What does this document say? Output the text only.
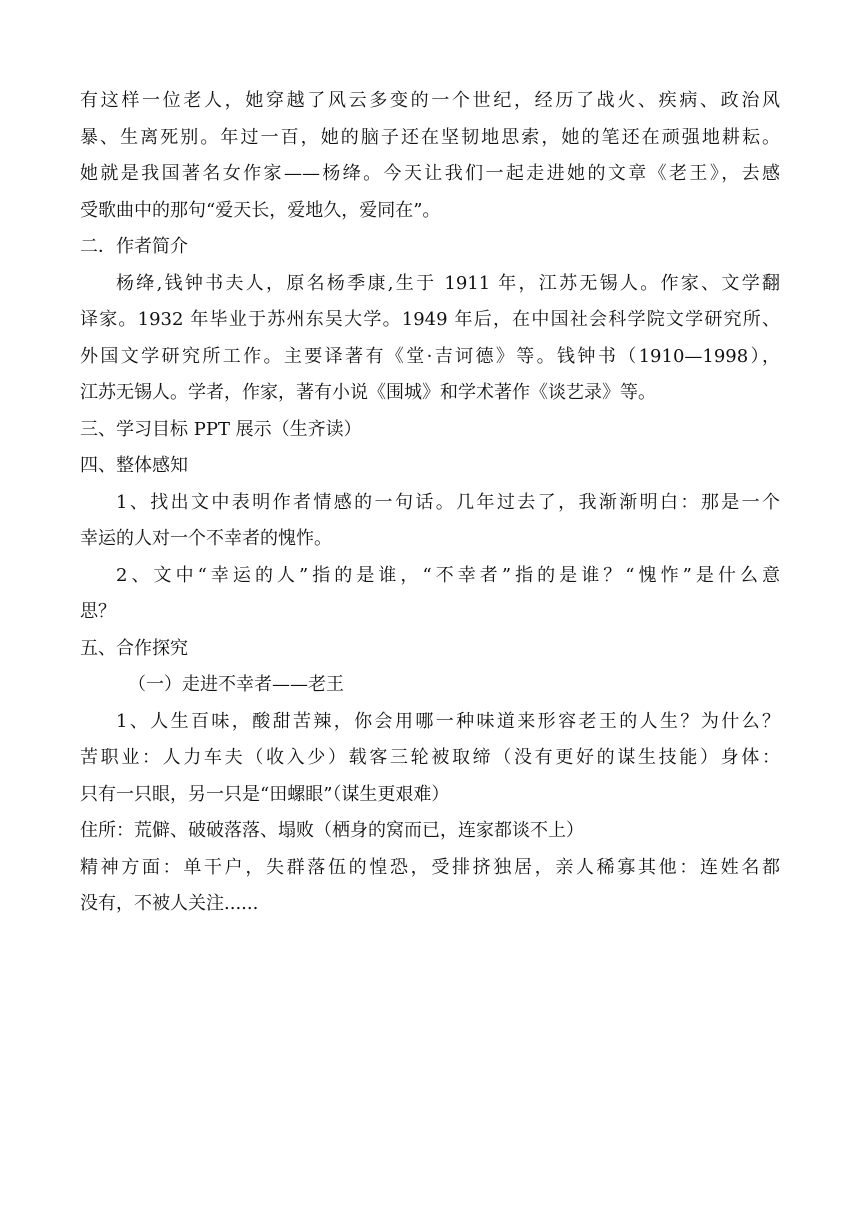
有这样一位老人，她穿越了风云多变的一个世纪，经历了战火、疾病、政治风
暴、生离死别。年过一百，她的脑子还在坚韧地思索，她的笔还在顽强地耕耘。
她就是我国著名女作家——杨绛。今天让我们一起走进她的文章《老王》，去感
受歌曲中的那句“爱天长，爱地久，爱同在”。
二．作者简介
杨绛,钱钟书夫人，原名杨季康,生于 1911 年，江苏无锡人。作家、文学翻
译家。1932 年毕业于苏州东吴大学。1949 年后，在中国社会科学院文学研究所、
外国文学研究所工作。主要译著有《堂·吉诃德》等。钱钟书（1910—1998），
江苏无锡人。学者，作家，著有小说《围城》和学术著作《谈艺录》等。
三、学习目标 PPT 展示（生齐读）
四、整体感知
1、找出文中表明作者情感的一句话。几年过去了，我渐渐明白：那是一个
幸运的人对一个不幸者的愧怍。
2、文中“幸运的人”指的是谁，“不幸者”指的是谁？“愧怍”是什么意
思？
五、合作探究
（一）走进不幸者——老王
1、人生百味，酸甜苦辣，你会用哪一种味道来形容老王的人生？为什么？
苦职业：人力车夫（收入少）载客三轮被取缔（没有更好的谋生技能）身体：
只有一只眼，另一只是“田螺眼”（谋生更艰难）
住所：荒僻、破破落落、塌败（栖身的窝而已，连家都谈不上）
精神方面：单干户，失群落伍的惶恐，受排挤独居，亲人稀寡其他：连姓名都
没有，不被人关注......
